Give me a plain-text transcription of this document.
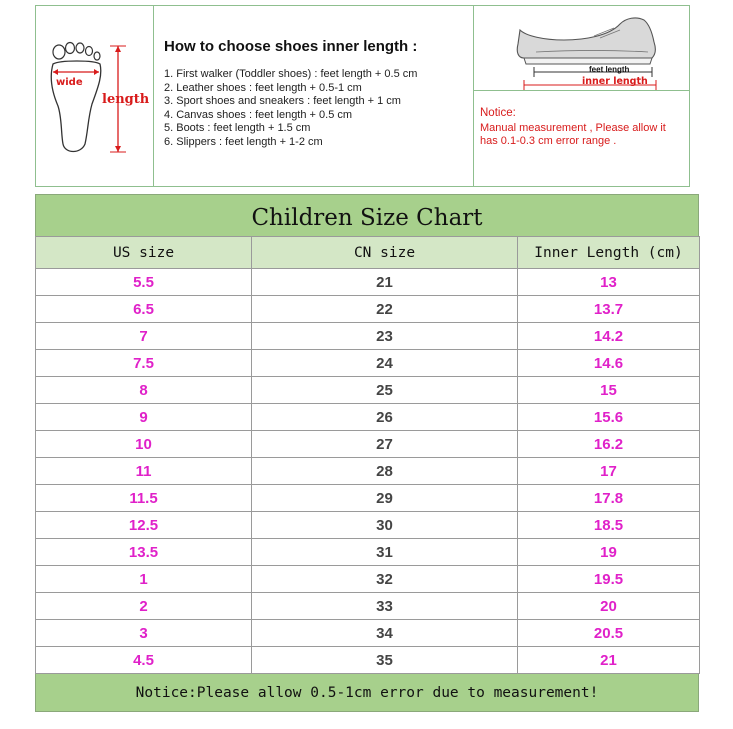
wide
length
How to choose shoes inner length :
1. First walker (Toddler shoes) : feet length + 0.5 cm
2. Leather shoes : feet length + 0.5-1 cm
3. Sport shoes and sneakers : feet length + 1 cm
4. Canvas shoes : feet length + 0.5 cm
5. Boots : feet length + 1.5 cm
6. Slippers : feet length + 1-2 cm
feet length
inner length
Notice:
Manual measurement , Please allow it has 0.1-0.3 cm error range .
Children Size Chart
US size	CN size	Inner Length (cm)
5.5	21	13
6.5	22	13.7
7	23	14.2
7.5	24	14.6
8	25	15
9	26	15.6
10	27	16.2
11	28	17
11.5	29	17.8
12.5	30	18.5
13.5	31	19
1	32	19.5
2	33	20
3	34	20.5
4.5	35	21
Notice:Please allow 0.5-1cm error due to measurement!
